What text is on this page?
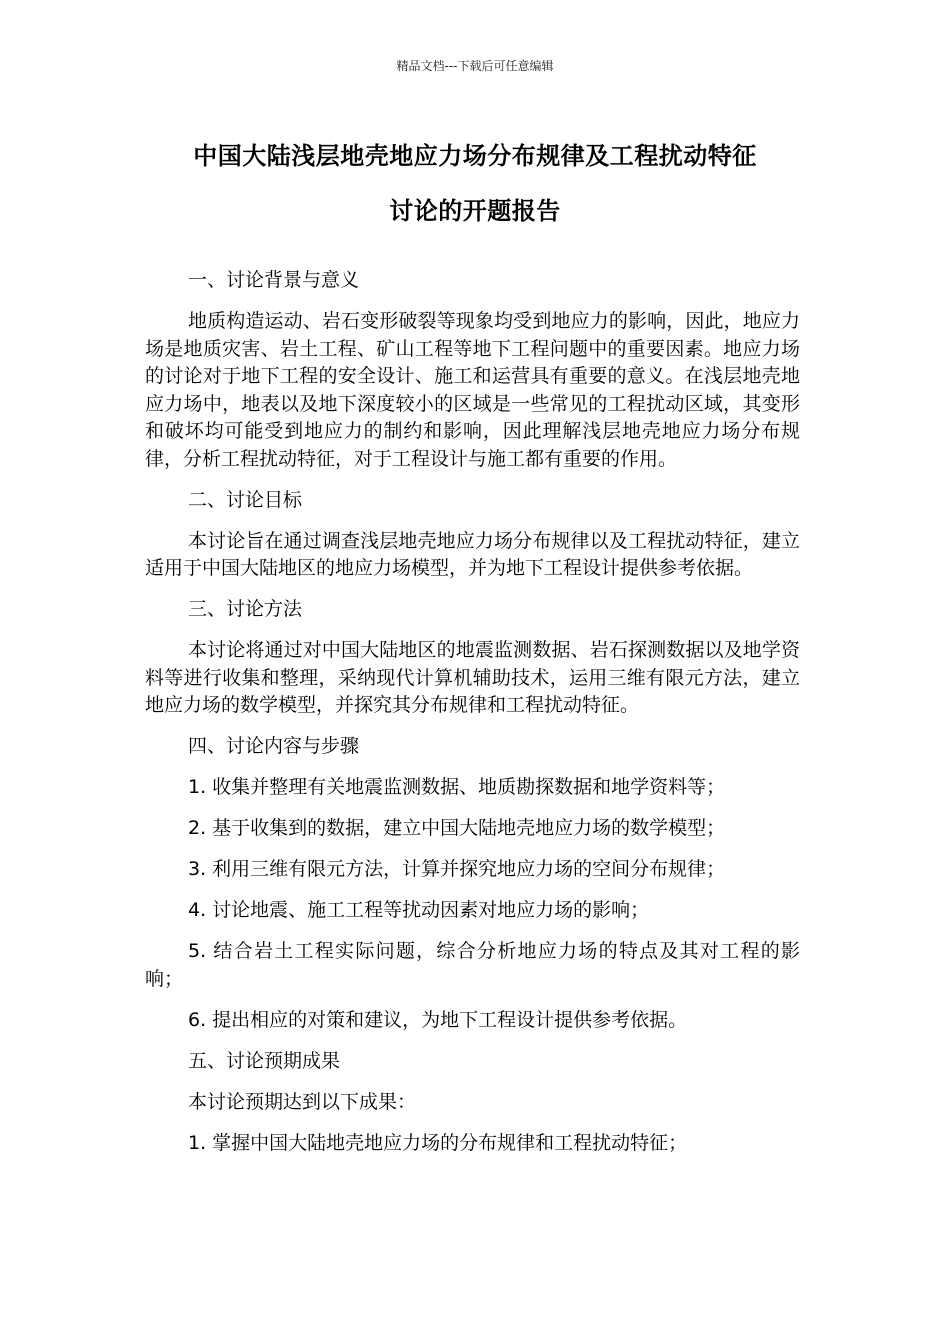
精品文档---下载后可任意编辑
中国大陆浅层地壳地应力场分布规律及工程扰动特征
讨论的开题报告

一、讨论背景与意义

地质构造运动、岩石变形破裂等现象均受到地应力的影响，因此，地应力场是地质灾害、岩土工程、矿山工程等地下工程问题中的重要因素。地应力场的讨论对于地下工程的安全设计、施工和运营具有重要的意义。在浅层地壳地应力场中，地表以及地下深度较小的区域是一些常见的工程扰动区域，其变形和破坏均可能受到地应力的制约和影响，因此理解浅层地壳地应力场分布规律，分析工程扰动特征，对于工程设计与施工都有重要的作用。

二、讨论目标

本讨论旨在通过调查浅层地壳地应力场分布规律以及工程扰动特征，建立适用于中国大陆地区的地应力场模型，并为地下工程设计提供参考依据。

三、讨论方法

本讨论将通过对中国大陆地区的地震监测数据、岩石探测数据以及地学资料等进行收集和整理，采纳现代计算机辅助技术，运用三维有限元方法，建立地应力场的数学模型，并探究其分布规律和工程扰动特征。

四、讨论内容与步骤

1. 收集并整理有关地震监测数据、地质勘探数据和地学资料等；

2. 基于收集到的数据，建立中国大陆地壳地应力场的数学模型；

3. 利用三维有限元方法，计算并探究地应力场的空间分布规律；

4. 讨论地震、施工工程等扰动因素对地应力场的影响；

5. 结合岩土工程实际问题，综合分析地应力场的特点及其对工程的影响；

6. 提出相应的对策和建议，为地下工程设计提供参考依据。

五、讨论预期成果

本讨论预期达到以下成果：

1. 掌握中国大陆地壳地应力场的分布规律和工程扰动特征；
